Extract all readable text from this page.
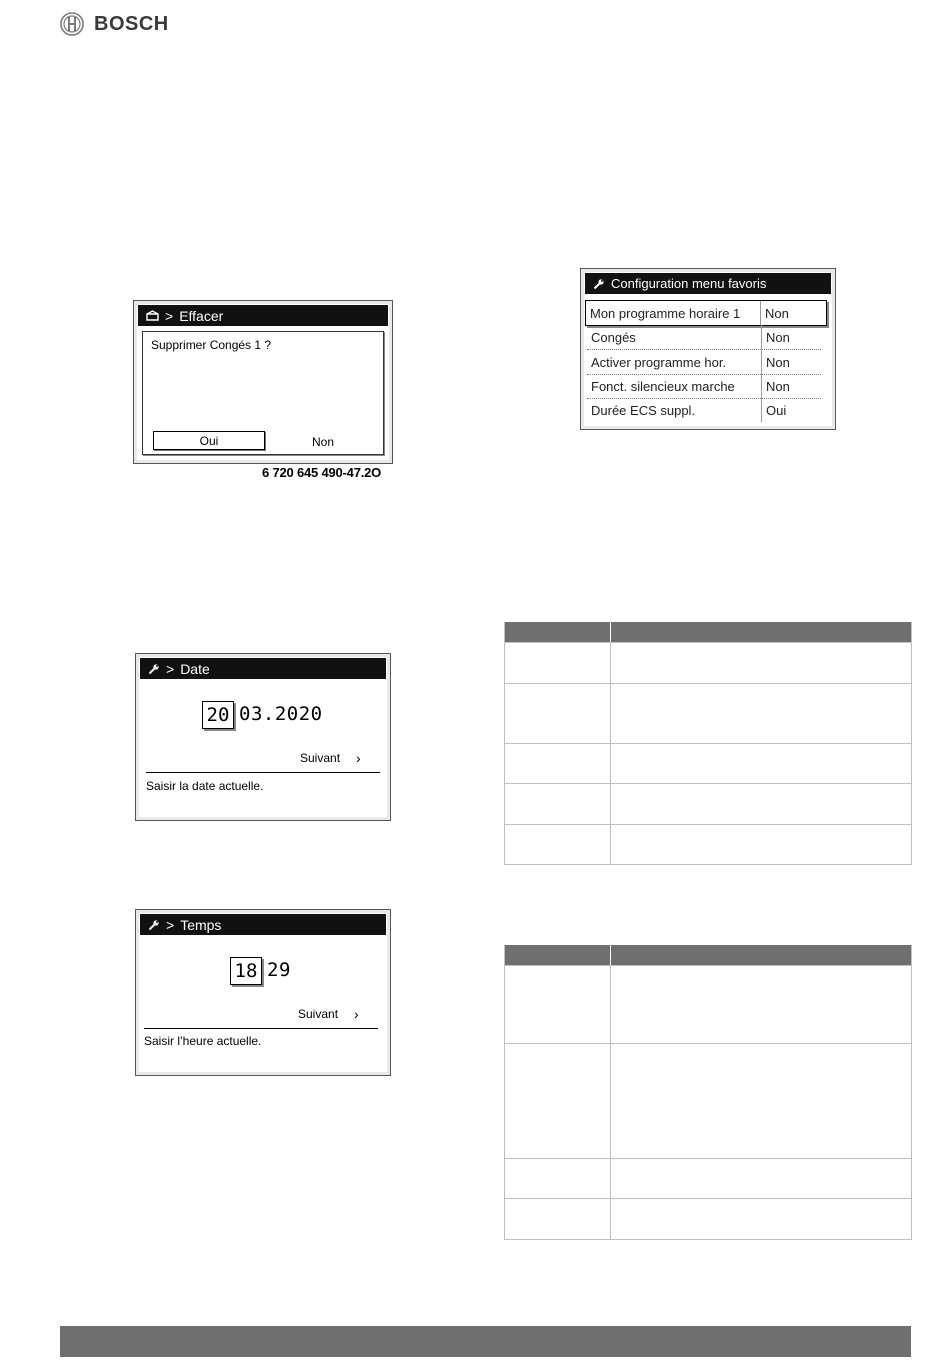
BOSCH
> Effacer
Supprimer Congés 1 ?
Oui	Non
6 720 645 490-47.2O
Configuration menu favoris
Mon programme horaire 1	Non
Congés	Non
Activer programme hor.	Non
Fonct. silencieux marche	Non
Durée ECS suppl.	Oui
> Date
20 03.2020
Suivant ›
Saisir la date actuelle.
> Temps
18 29
Suivant ›
Saisir l’heure actuelle.
